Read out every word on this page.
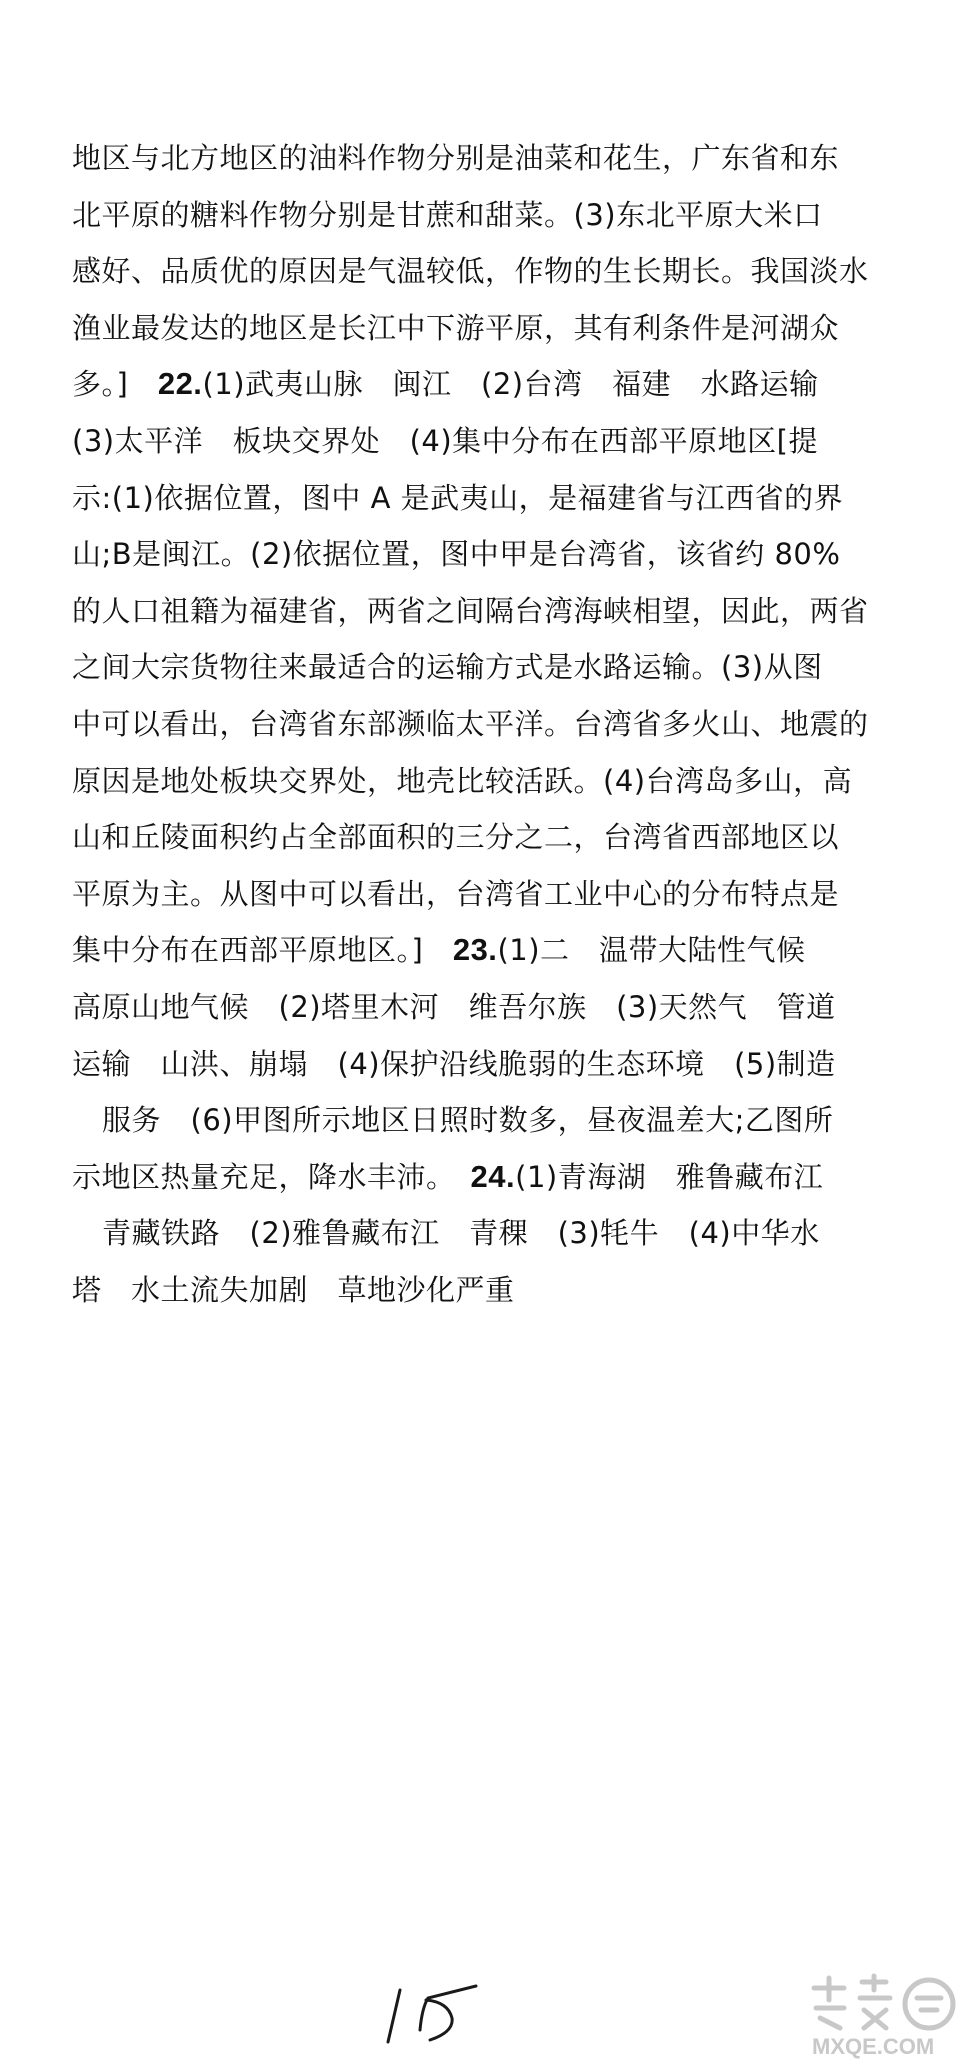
地区与北方地区的油料作物分别是油菜和花生，广东省和东
北平原的糖料作物分别是甘蔗和甜菜。(3)东北平原大米口
感好、品质优的原因是气温较低，作物的生长期长。我国淡水
渔业最发达的地区是长江中下游平原，其有利条件是河湖众
多。]　22.(1)武夷山脉　闽江　(2)台湾　福建　水路运输
(3)太平洋　板块交界处　(4)集中分布在西部平原地区[提
示:(1)依据位置，图中 A 是武夷山，是福建省与江西省的界
山;B是闽江。(2)依据位置，图中甲是台湾省，该省约 80%
的人口祖籍为福建省，两省之间隔台湾海峡相望，因此，两省
之间大宗货物往来最适合的运输方式是水路运输。(3)从图
中可以看出，台湾省东部濒临太平洋。台湾省多火山、地震的
原因是地处板块交界处，地壳比较活跃。(4)台湾岛多山，高
山和丘陵面积约占全部面积的三分之二，台湾省西部地区以
平原为主。从图中可以看出，台湾省工业中心的分布特点是
集中分布在西部平原地区。]　23.(1)二　温带大陆性气候
高原山地气候　(2)塔里木河　维吾尔族　(3)天然气　管道
运输　山洪、崩塌　(4)保护沿线脆弱的生态环境　(5)制造
服务　(6)甲图所示地区日照时数多，昼夜温差大;乙图所
示地区热量充足，降水丰沛。　24.(1)青海湖　雅鲁藏布江
青藏铁路　(2)雅鲁藏布江　青稞　(3)牦牛　(4)中华水
塔　水土流失加剧　草地沙化严重
MXQE.COM
